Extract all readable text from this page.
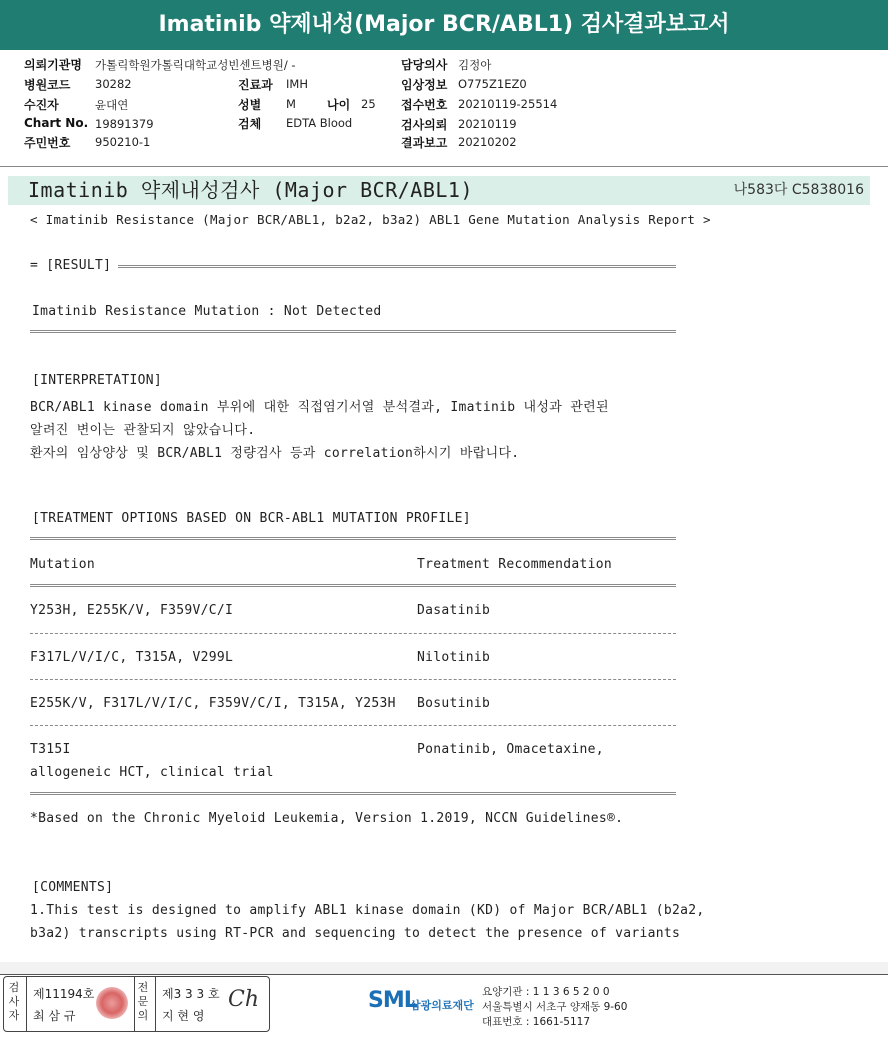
Imatinib 약제내성(Major BCR/ABL1) 검사결과보고서
의뢰기관명 가톨릭학원가톨릭대학교성빈센트병원/ -
병원코드 30282
수진자	윤대연
Chart No. 19891379
주민번호 950210-1
진료과 IMH
성별 M	나이 25
검체 EDTA Blood
담당의사 김정아
임상정보 O775Z1EZ0
접수번호 20210119-25514
검사의뢰 20210119
결과보고 20210202
Imatinib 약제내성검사 (Major BCR/ABL1)	나583다 C5838016
< Imatinib Resistance (Major BCR/ABL1, b2a2, b3a2) ABL1 Gene Mutation Analysis Report >
= [RESULT]
Imatinib Resistance Mutation : Not Detected
[INTERPRETATION]
BCR/ABL1 kinase domain 부위에 대한 직접염기서열 분석결과, Imatinib 내성과 관련된
알려진 변이는 관찰되지 않았습니다.
환자의 임상양상 및 BCR/ABL1 정량검사 등과 correlation하시기 바랍니다.
[TREATMENT OPTIONS BASED ON BCR-ABL1 MUTATION PROFILE]
Mutation	Treatment Recommendation
Y253H, E255K/V, F359V/C/I	Dasatinib
F317L/V/I/C, T315A, V299L	Nilotinib
E255K/V, F317L/V/I/C, F359V/C/I, T315A, Y253H Bosutinib
T315I	Ponatinib, Omacetaxine,
allogeneic HCT, clinical trial
*Based on the Chronic Myeloid Leukemia, Version 1.2019, NCCN Guidelines®.
[COMMENTS]
1.This test is designed to amplify ABL1 kinase domain (KD) of Major BCR/ABL1 (b2a2,
b3a2) transcripts using RT-PCR and sequencing to detect the presence of variants
검사자
제11194호
최 삼 규
전문의
제3 3 3 호
지 현 영
Ch	SML
삼광의료재단
요양기관 : 1 1 3 6 5 2 0 0
서울특별시 서초구 양재동 9-60
대표번호 : 1661-5117
